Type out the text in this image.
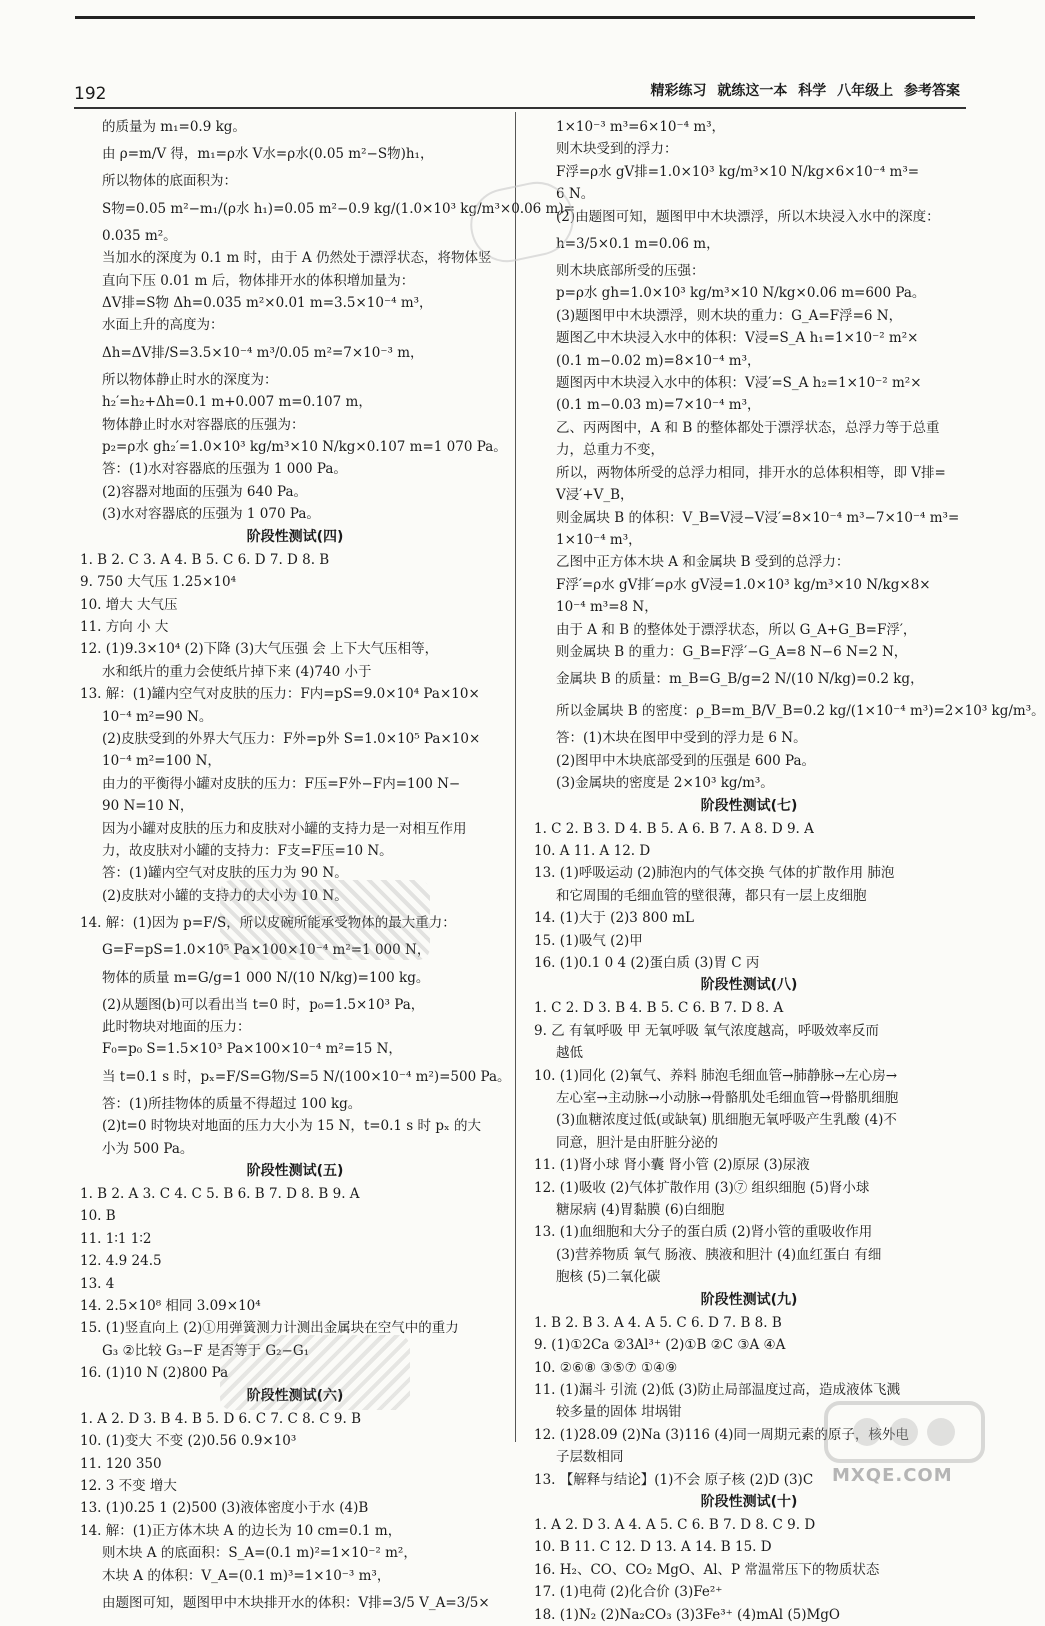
192	精彩练习 就练这一本 科学 八年级上 参考答案
的质量为 m₁=0.9 kg。
由 ρ=m/V 得，m₁=ρ水 V水=ρ水(0.05 m²−S物)h₁，
所以物体的底面积为：
S物=0.05 m²−m₁/(ρ水 h₁)=0.05 m²−0.9 kg/(1.0×10³ kg/m³×0.06 m)=
0.035 m²。
当加水的深度为 0.1 m 时，由于 A 仍然处于漂浮状态，将物体竖
直向下压 0.01 m 后，物体排开水的体积增加量为：
ΔV排=S物 Δh=0.035 m²×0.01 m=3.5×10⁻⁴ m³，
水面上升的高度为：
Δh=ΔV排/S=3.5×10⁻⁴ m³/0.05 m²=7×10⁻³ m，
所以物体静止时水的深度为：
h₂′=h₂+Δh=0.1 m+0.007 m=0.107 m，
物体静止时水对容器底的压强为：
p₂=ρ水 gh₂′=1.0×10³ kg/m³×10 N/kg×0.107 m=1 070 Pa。
答：(1)水对容器底的压强为 1 000 Pa。
(2)容器对地面的压强为 640 Pa。
(3)水对容器底的压强为 1 070 Pa。
阶段性测试(四)
1. B 2. C 3. A 4. B 5. C 6. D 7. D 8. B
9. 750 大气压 1.25×10⁴
10. 增大 大气压
11. 方向 小 大
12. (1)9.3×10⁴ (2)下降 (3)大气压强 会 上下大气压相等，
水和纸片的重力会使纸片掉下来 (4)740 小于
13. 解：(1)罐内空气对皮肤的压力：F内=pS=9.0×10⁴ Pa×10×
10⁻⁴ m²=90 N。
(2)皮肤受到的外界大气压力：F外=p外 S=1.0×10⁵ Pa×10×
10⁻⁴ m²=100 N，
由力的平衡得小罐对皮肤的压力：F压=F外−F内=100 N−
90 N=10 N，
因为小罐对皮肤的压力和皮肤对小罐的支持力是一对相互作用
力，故皮肤对小罐的支持力：F支=F压=10 N。
答：(1)罐内空气对皮肤的压力为 90 N。
(2)皮肤对小罐的支持力的大小为 10 N。
14. 解：(1)因为 p=F/S，所以皮碗所能承受物体的最大重力：
G=F=pS=1.0×10⁵ Pa×100×10⁻⁴ m²=1 000 N，
物体的质量 m=G/g=1 000 N/(10 N/kg)=100 kg。
(2)从题图(b)可以看出当 t=0 时，p₀=1.5×10³ Pa，
此时物块对地面的压力：
F₀=p₀ S=1.5×10³ Pa×100×10⁻⁴ m²=15 N，
当 t=0.1 s 时，pₓ=F/S=G物/S=5 N/(100×10⁻⁴ m²)=500 Pa。
答：(1)所挂物体的质量不得超过 100 kg。
(2)t=0 时物块对地面的压力大小为 15 N，t=0.1 s 时 pₓ 的大
小为 500 Pa。
阶段性测试(五)
1. B 2. A 3. C 4. C 5. B 6. B 7. D 8. B 9. A
10. B
11. 1∶1 1∶2
12. 4.9 24.5
13. 4
14. 2.5×10⁸ 相同 3.09×10⁴
15. (1)竖直向上 (2)①用弹簧测力计测出金属块在空气中的重力
G₃ ②比较 G₃−F 是否等于 G₂−G₁
16. (1)10 N (2)800 Pa
阶段性测试(六)
1. A 2. D 3. B 4. B 5. D 6. C 7. C 8. C 9. B
10. (1)变大 不变 (2)0.56 0.9×10³
11. 120 350
12. 3 不变 增大
13. (1)0.25 1 (2)500 (3)液体密度小于水 (4)B
14. 解：(1)正方体木块 A 的边长为 10 cm=0.1 m，
则木块 A 的底面积：S_A=(0.1 m)²=1×10⁻² m²，
木块 A 的体积：V_A=(0.1 m)³=1×10⁻³ m³，
由题图可知，题图甲中木块排开水的体积：V排=3/5 V_A=3/5×
1×10⁻³ m³=6×10⁻⁴ m³，
则木块受到的浮力：
F浮=ρ水 gV排=1.0×10³ kg/m³×10 N/kg×6×10⁻⁴ m³=
6 N。
(2)由题图可知，题图甲中木块漂浮，所以木块浸入水中的深度：
h=3/5×0.1 m=0.06 m，
则木块底部所受的压强：
p=ρ水 gh=1.0×10³ kg/m³×10 N/kg×0.06 m=600 Pa。
(3)题图甲中木块漂浮，则木块的重力：G_A=F浮=6 N，
题图乙中木块浸入水中的体积：V浸=S_A h₁=1×10⁻² m²×
(0.1 m−0.02 m)=8×10⁻⁴ m³，
题图丙中木块浸入水中的体积：V浸′=S_A h₂=1×10⁻² m²×
(0.1 m−0.03 m)=7×10⁻⁴ m³，
乙、丙两图中，A 和 B 的整体都处于漂浮状态，总浮力等于总重
力，总重力不变，
所以，两物体所受的总浮力相同，排开水的总体积相等，即 V排=
V浸′+V_B，
则金属块 B 的体积：V_B=V浸−V浸′=8×10⁻⁴ m³−7×10⁻⁴ m³=
1×10⁻⁴ m³，
乙图中正方体木块 A 和金属块 B 受到的总浮力：
F浮′=ρ水 gV排′=ρ水 gV浸=1.0×10³ kg/m³×10 N/kg×8×
10⁻⁴ m³=8 N，
由于 A 和 B 的整体处于漂浮状态，所以 G_A+G_B=F浮′，
则金属块 B 的重力：G_B=F浮′−G_A=8 N−6 N=2 N，
金属块 B 的质量：m_B=G_B/g=2 N/(10 N/kg)=0.2 kg，
所以金属块 B 的密度：ρ_B=m_B/V_B=0.2 kg/(1×10⁻⁴ m³)=2×10³ kg/m³。
答：(1)木块在图甲中受到的浮力是 6 N。
(2)图甲中木块底部受到的压强是 600 Pa。
(3)金属块的密度是 2×10³ kg/m³。
阶段性测试(七)
1. C 2. B 3. D 4. B 5. A 6. B 7. A 8. D 9. A
10. A 11. A 12. D
13. (1)呼吸运动 (2)肺泡内的气体交换 气体的扩散作用 肺泡
和它周围的毛细血管的壁很薄，都只有一层上皮细胞
14. (1)大于 (2)3 800 mL
15. (1)吸气 (2)甲
16. (1)0.1 0 4 (2)蛋白质 (3)胃 C 丙
阶段性测试(八)
1. C 2. D 3. B 4. B 5. C 6. B 7. D 8. A
9. 乙 有氧呼吸 甲 无氧呼吸 氧气浓度越高，呼吸效率反而
越低
10. (1)同化 (2)氧气、养料 肺泡毛细血管→肺静脉→左心房→
左心室→主动脉→小动脉→骨骼肌处毛细血管→骨骼肌细胞
(3)血糖浓度过低(或缺氧) 肌细胞无氧呼吸产生乳酸 (4)不
同意，胆汁是由肝脏分泌的
11. (1)肾小球 肾小囊 肾小管 (2)原尿 (3)尿液
12. (1)吸收 (2)气体扩散作用 (3)⑦ 组织细胞 (5)肾小球
糖尿病 (4)胃黏膜 (6)白细胞
13. (1)血细胞和大分子的蛋白质 (2)肾小管的重吸收作用
(3)营养物质 氧气 肠液、胰液和胆汁 (4)血红蛋白 有细
胞核 (5)二氧化碳
阶段性测试(九)
1. B 2. B 3. A 4. A 5. C 6. D 7. B 8. B
9. (1)①2Ca ②3Al³⁺ (2)①B ②C ③A ④A
10. ②⑥⑧ ③⑤⑦ ①④⑨
11. (1)漏斗 引流 (2)低 (3)防止局部温度过高，造成液体飞溅
较多量的固体 坩埚钳
12. (1)28.09 (2)Na (3)116 (4)同一周期元素的原子，核外电
子层数相同
13. 【解释与结论】(1)不会 原子核 (2)D (3)C
阶段性测试(十)
1. A 2. D 3. A 4. A 5. C 6. B 7. D 8. C 9. D
10. B 11. C 12. D 13. A 14. B 15. D
16. H₂、CO、CO₂ MgO、Al、P 常温常压下的物质状态
17. (1)电荷 (2)化合价 (3)Fe²⁺
18. (1)N₂ (2)Na₂CO₃ (3)3Fe³⁺ (4)mAl (5)MgO
MXQE.COM
